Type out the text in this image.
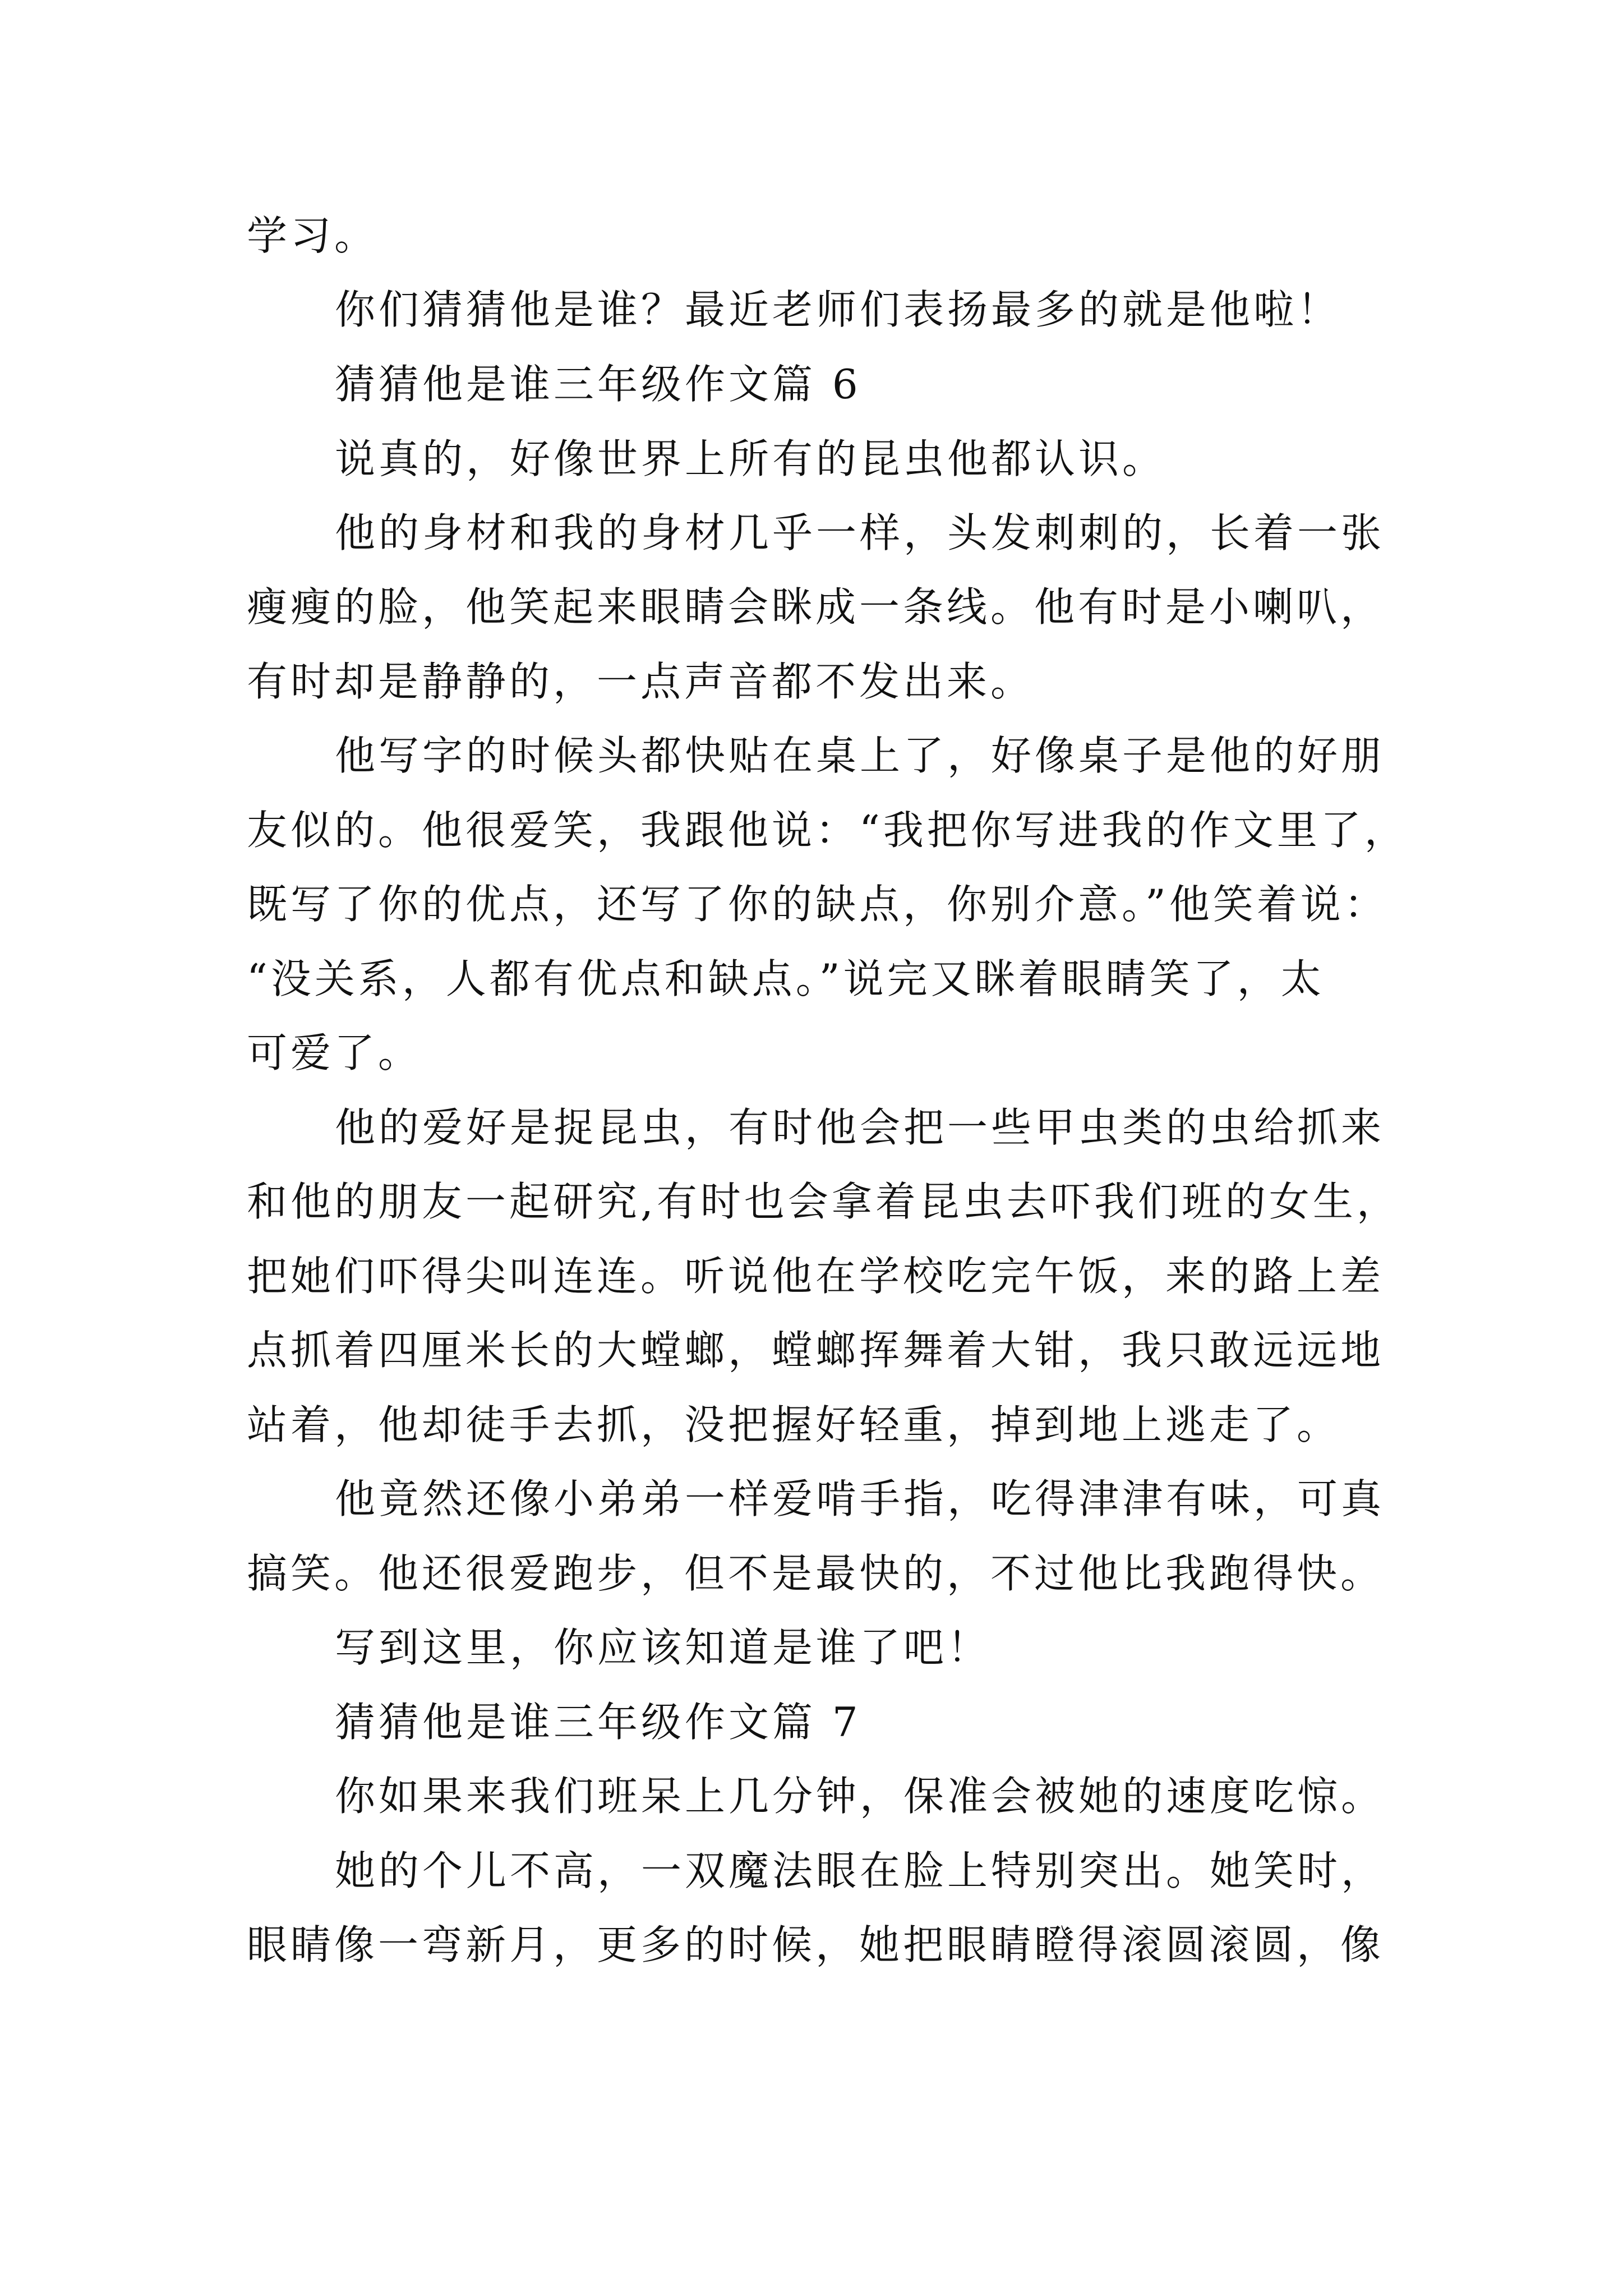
学习。
你们猜猜他是谁？最近老师们表扬最多的就是他啦！
猜猜他是谁三年级作文篇 6
说真的，好像世界上所有的昆虫他都认识。
他的身材和我的身材几乎一样，头发刺刺的，长着一张
瘦瘦的脸，他笑起来眼睛会眯成一条线。他有时是小喇叭，
有时却是静静的，一点声音都不发出来。
他写字的时候头都快贴在桌上了，好像桌子是他的好朋
友似的。他很爱笑，我跟他说：“我把你写进我的作文里了，
既写了你的优点，还写了你的缺点，你别介意。”他笑着说：
“没关系，人都有优点和缺点。”说完又眯着眼睛笑了，太
可爱了。
他的爱好是捉昆虫，有时他会把一些甲虫类的虫给抓来
和他的朋友一起研究,有时也会拿着昆虫去吓我们班的女生，
把她们吓得尖叫连连。听说他在学校吃完午饭，来的路上差
点抓着四厘米长的大螳螂，螳螂挥舞着大钳，我只敢远远地
站着，他却徒手去抓，没把握好轻重，掉到地上逃走了。
他竟然还像小弟弟一样爱啃手指，吃得津津有味，可真
搞笑。他还很爱跑步，但不是最快的，不过他比我跑得快。
写到这里，你应该知道是谁了吧！
猜猜他是谁三年级作文篇 7
你如果来我们班呆上几分钟，保准会被她的速度吃惊。
她的个儿不高，一双魔法眼在脸上特别突出。她笑时，
眼睛像一弯新月，更多的时候，她把眼睛瞪得滚圆滚圆，像
